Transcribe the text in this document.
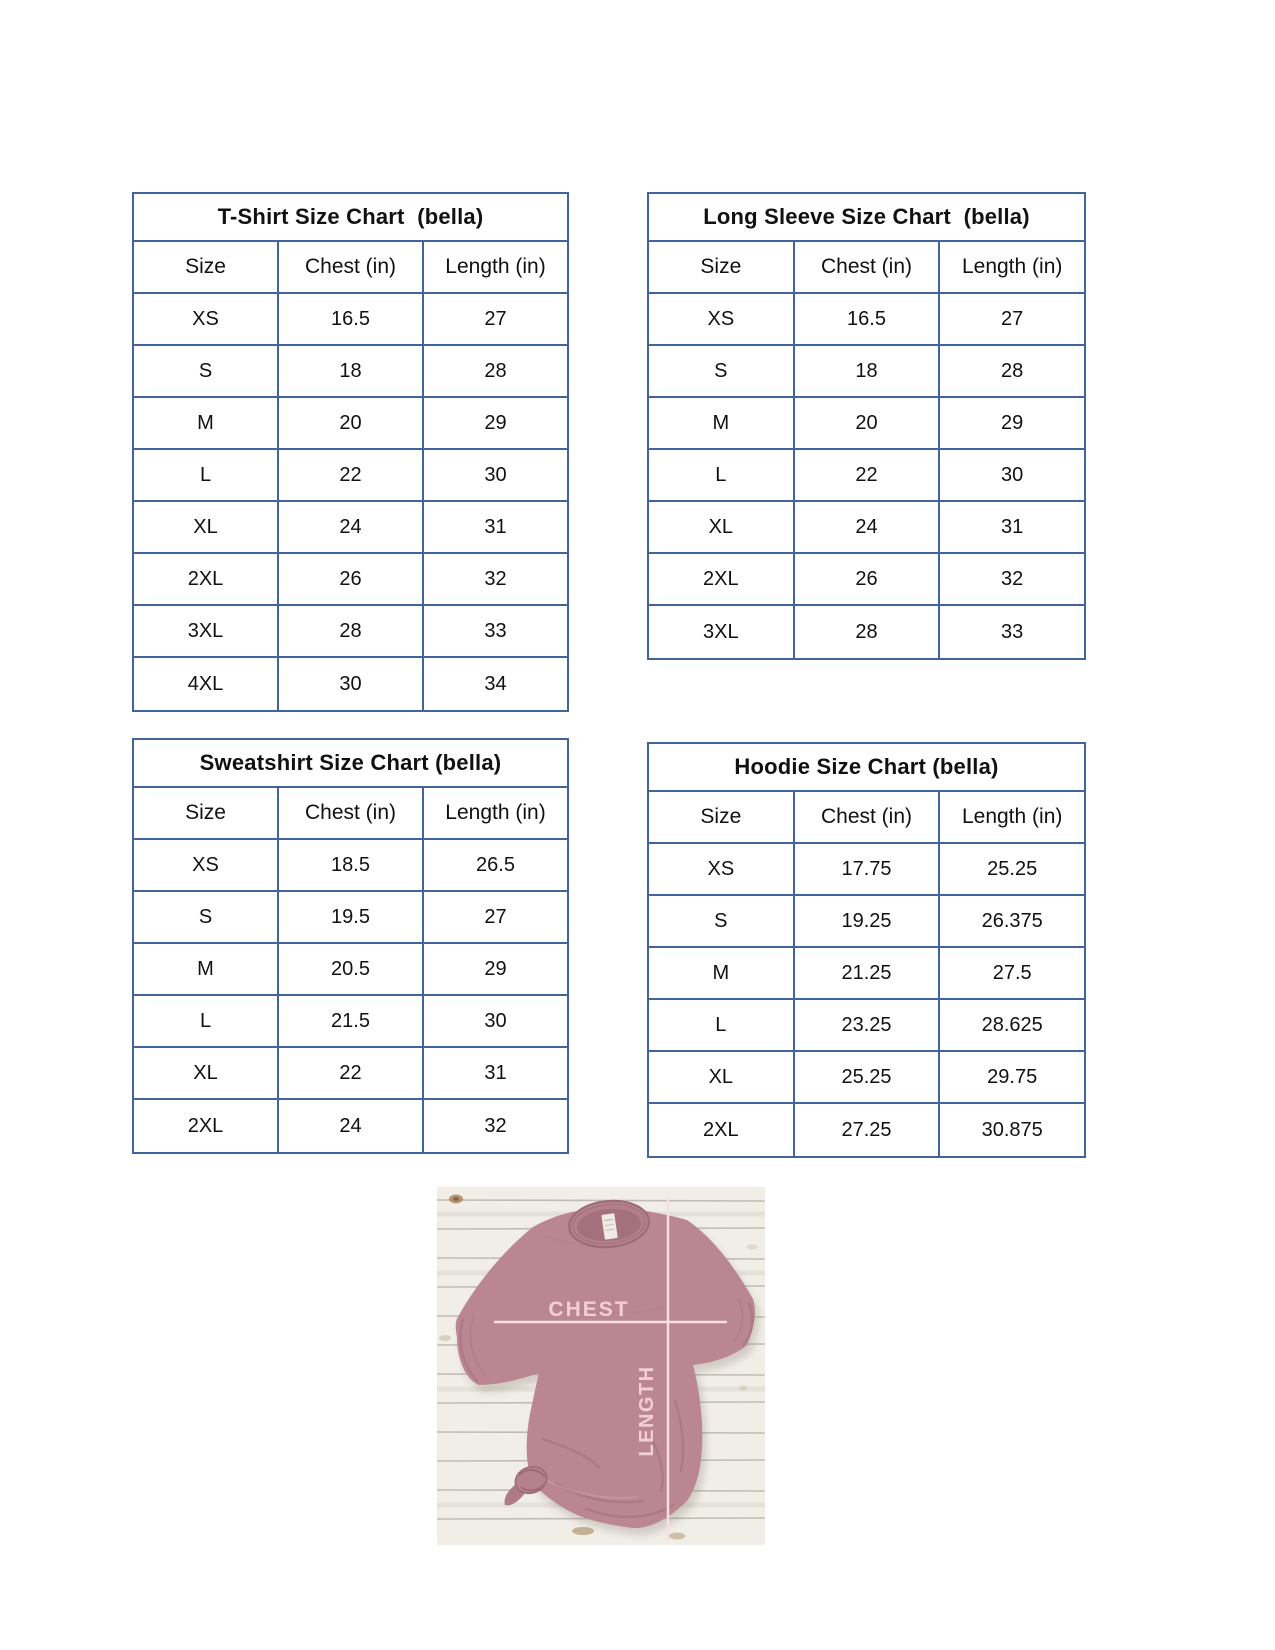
T-Shirt Size Chart  (bella)
Size	Chest (in)	Length (in)
XS	16.5	27
S	18	28
M	20	29
L	22	30
XL	24	31
2XL	26	32
3XL	28	33
4XL	30	34
Long Sleeve Size Chart  (bella)
Size	Chest (in)	Length (in)
XS	16.5	27
S	18	28
M	20	29
L	22	30
XL	24	31
2XL	26	32
3XL	28	33
Sweatshirt Size Chart (bella)
Size	Chest (in)	Length (in)
XS	18.5	26.5
S	19.5	27
M	20.5	29
L	21.5	30
XL	22	31
2XL	24	32
Hoodie Size Chart (bella)
Size	Chest (in)	Length (in)
XS	17.75	25.25
S	19.25	26.375
M	21.25	27.5
L	23.25	28.625
XL	25.25	29.75
2XL	27.25	30.875
CHEST
LENGTH
